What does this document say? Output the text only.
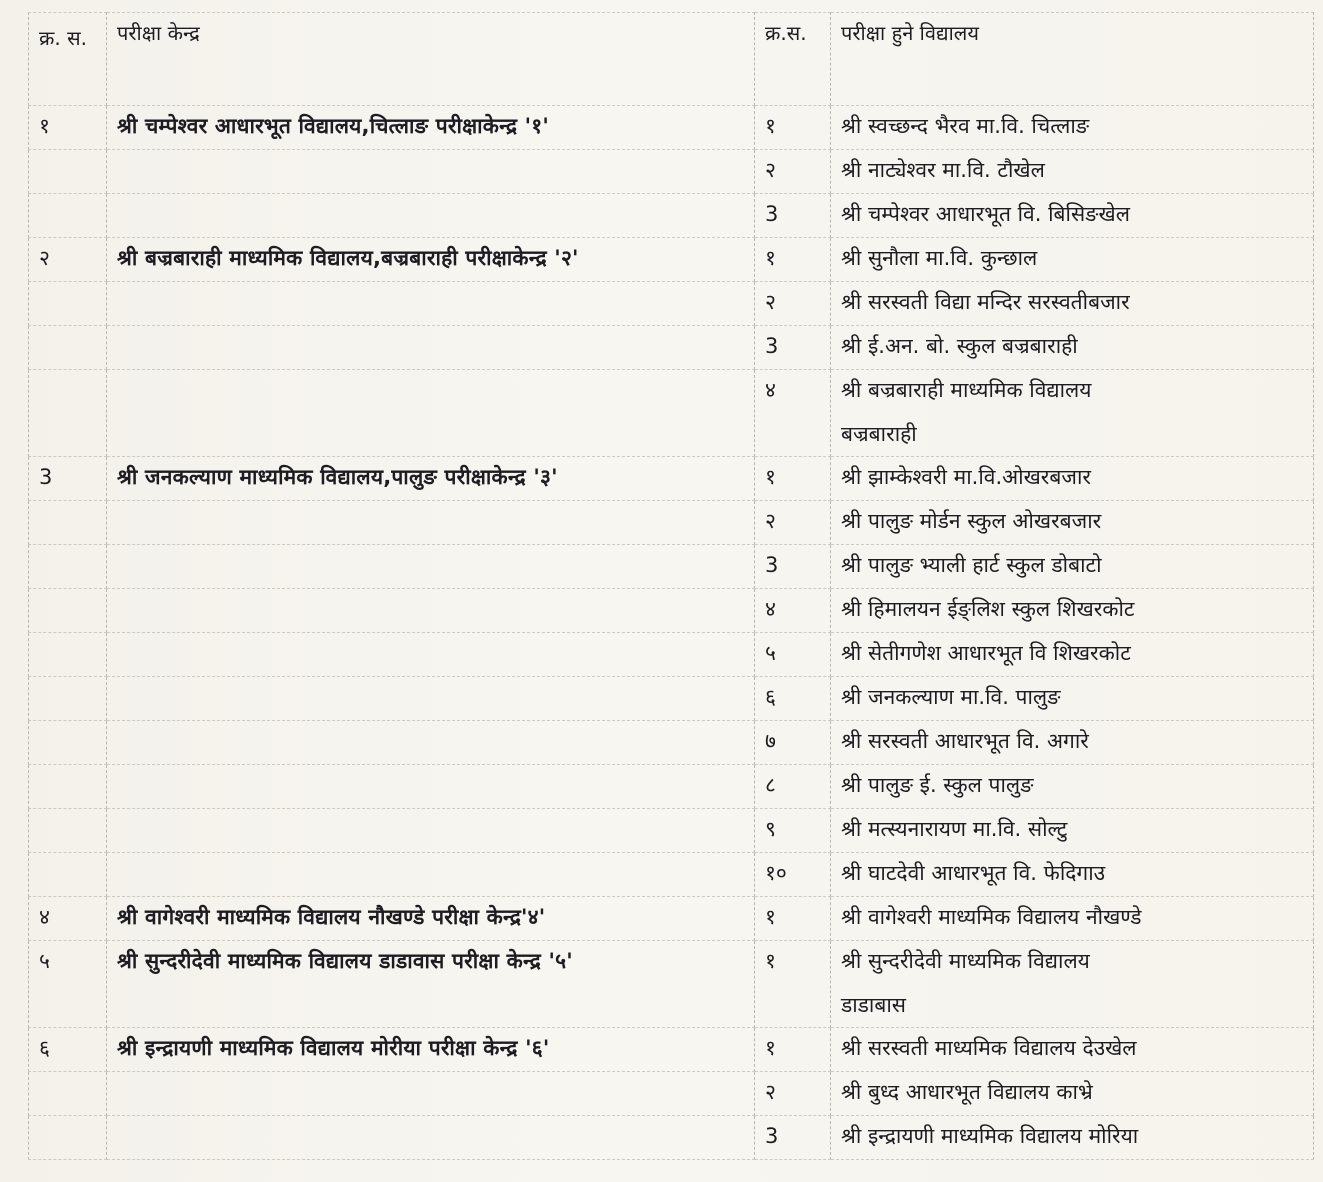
क्र. स.	परीक्षा केन्द्र	क्र.स.	परीक्षा हुने विद्यालय
१	श्री चम्पेश्वर आधारभूत विद्यालय,चित्लाङ परीक्षाकेन्द्र '१'	१	श्री स्वच्छन्द भैरव मा.वि. चित्लाङ

		२	श्री नाट्येश्वर मा.वि. टौखेल

		3	श्री चम्पेश्वर आधारभूत वि. बिसिङखेल

२	श्री बज्रबाराही माध्यमिक विद्यालय,बज्रबाराही परीक्षाकेन्द्र '२'	१	श्री सुनौला मा.वि. कुन्छाल

		२	श्री सरस्वती विद्या मन्दिर सरस्वतीबजार

		3	श्री ई.अन. बो. स्कुल बज्रबाराही

		४	श्री बज्रबाराही माध्यमिक विद्यालय
बज्रबाराही

3	श्री जनकल्याण माध्यमिक विद्यालय,पालुङ परीक्षाकेन्द्र '३'	१	श्री झाम्केश्वरी मा.वि.ओखरबजार

		२	श्री पालुङ मोर्डन स्कुल ओखरबजार

		3	श्री पालुङ भ्याली हार्ट स्कुल डोबाटो

		४	श्री हिमालयन ईङ्लिश स्कुल शिखरकोट

		५	श्री सेतीगणेश आधारभूत वि शिखरकोट

		६	श्री जनकल्याण मा.वि. पालुङ

		७	श्री सरस्वती आधारभूत वि. अगारे

		८	श्री पालुङ ई. स्कुल पालुङ

		९	श्री मत्स्यनारायण मा.वि. सोल्टु

		१०	श्री घाटदेवी आधारभूत वि. फेदिगाउ

४	श्री वागेश्वरी माध्यमिक विद्यालय नौखण्डे परीक्षा केन्द्र'४'	१	श्री वागेश्वरी माध्यमिक विद्यालय नौखण्डे

५	श्री सुन्दरीदेवी माध्यमिक विद्यालय डाडावास परीक्षा केन्द्र '५'	१	श्री सुन्दरीदेवी माध्यमिक विद्यालय
डाडाबास

६	श्री इन्द्रायणी माध्यमिक विद्यालय मोरीया परीक्षा केन्द्र '६'	१	श्री सरस्वती माध्यमिक विद्यालय देउखेल

		२	श्री बुध्द आधारभूत विद्यालय काभ्रे

		3	श्री इन्द्रायणी माध्यमिक विद्यालय मोरिया
